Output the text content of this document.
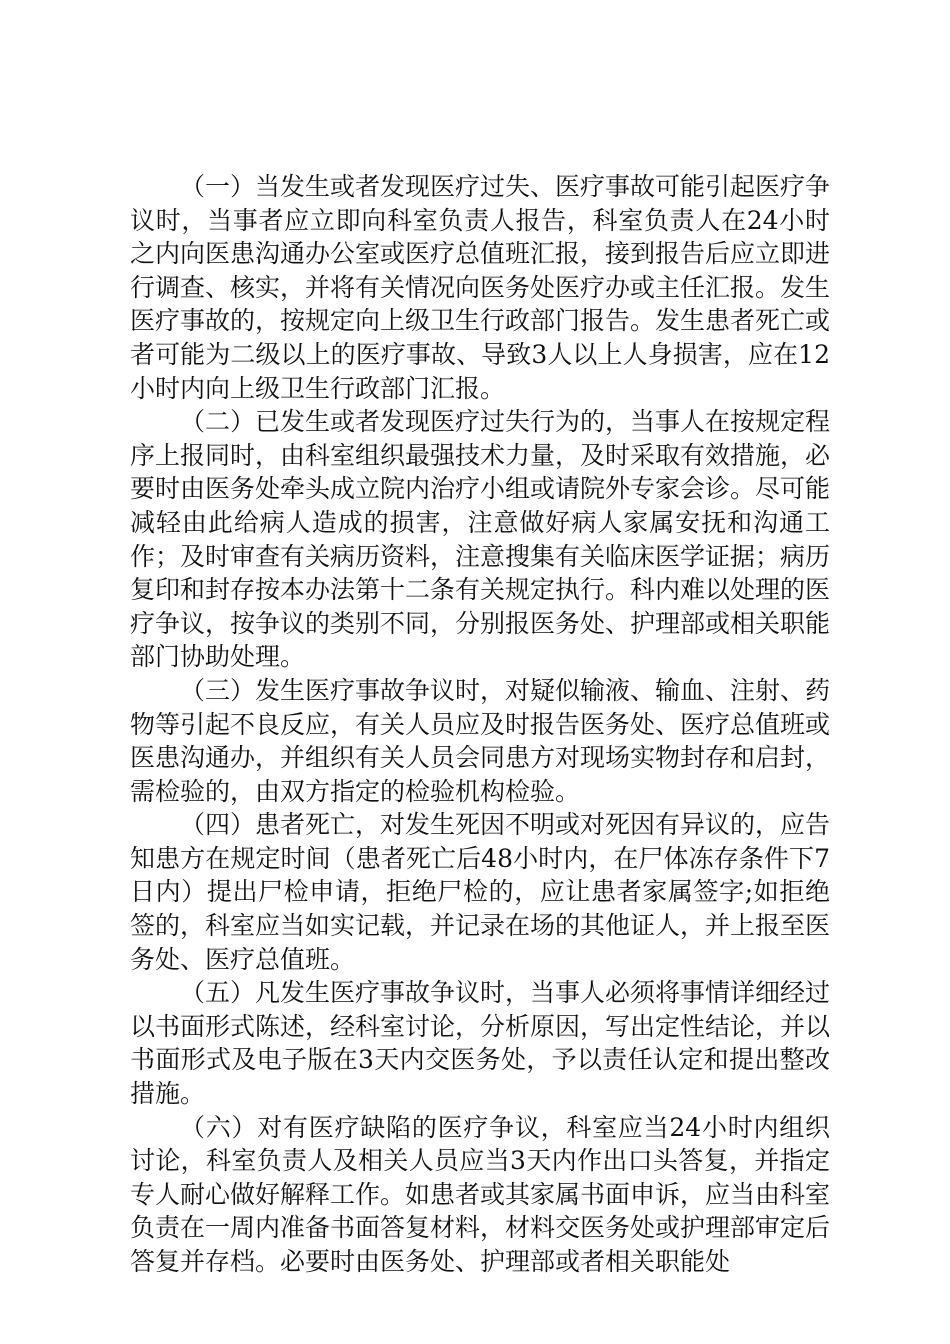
（一）当发生或者发现医疗过失、医疗事故可能引起医疗争议时，当事者应立即向科室负责人报告，科室负责人在24小时之内向医患沟通办公室或医疗总值班汇报，接到报告后应立即进行调查、核实，并将有关情况向医务处医疗办或主任汇报。发生医疗事故的，按规定向上级卫生行政部门报告。发生患者死亡或者可能为二级以上的医疗事故、导致3人以上人身损害，应在12小时内向上级卫生行政部门汇报。

（二）已发生或者发现医疗过失行为的，当事人在按规定程序上报同时，由科室组织最强技术力量，及时采取有效措施，必要时由医务处牵头成立院内治疗小组或请院外专家会诊。尽可能减轻由此给病人造成的损害，注意做好病人家属安抚和沟通工作；及时审查有关病历资料，注意搜集有关临床医学证据；病历复印和封存按本办法第十二条有关规定执行。科内难以处理的医疗争议，按争议的类别不同，分别报医务处、护理部或相关职能部门协助处理。

（三）发生医疗事故争议时，对疑似输液、输血、注射、药物等引起不良反应，有关人员应及时报告医务处、医疗总值班或医患沟通办，并组织有关人员会同患方对现场实物封存和启封，需检验的，由双方指定的检验机构检验。

（四）患者死亡，对发生死因不明或对死因有异议的，应告知患方在规定时间（患者死亡后48小时内，在尸体冻存条件下7日内）提出尸检申请，拒绝尸检的，应让患者家属签字;如拒绝签的，科室应当如实记载，并记录在场的其他证人，并上报至医务处、医疗总值班。

（五）凡发生医疗事故争议时，当事人必须将事情详细经过以书面形式陈述，经科室讨论，分析原因，写出定性结论，并以书面形式及电子版在3天内交医务处，予以责任认定和提出整改措施。

（六）对有医疗缺陷的医疗争议，科室应当24小时内组织讨论，科室负责人及相关人员应当3天内作出口头答复，并指定专人耐心做好解释工作。如患者或其家属书面申诉，应当由科室负责在一周内准备书面答复材料，材料交医务处或护理部审定后答复并存档。必要时由医务处、护理部或者相关职能处
